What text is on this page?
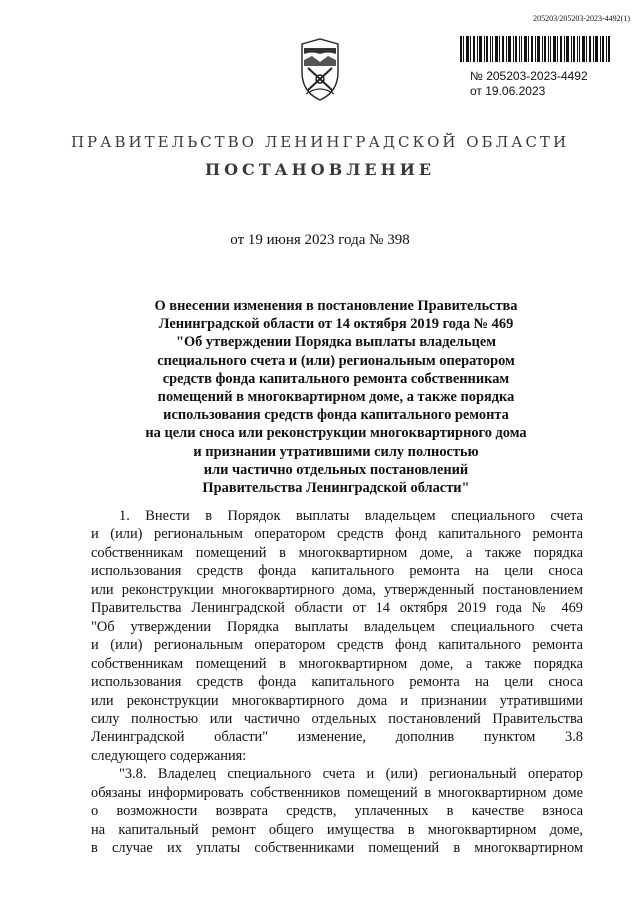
205203/205203-2023-4492(1)
№ 205203-2023-4492
от 19.06.2023
ПРАВИТЕЛЬСТВО ЛЕНИНГРАДСКОЙ ОБЛАСТИ
ПОСТАНОВЛЕНИЕ
от 19 июня 2023 года № 398
О внесении изменения в постановление Правительства
Ленинградской области от 14 октября 2019 года № 469
"Об утверждении Порядка выплаты владельцем
специального счета и (или) региональным оператором
средств фонда капитального ремонта собственникам
помещений в многоквартирном доме, а также порядка
использования средств фонда капитального ремонта
на цели сноса или реконструкции многоквартирного дома
и признании утратившими силу полностью
или частично отдельных постановлений
Правительства Ленинградской области"
1. Внести в Порядок выплаты владельцем специального счета
и (или) региональным оператором средств фонд капитального ремонта
собственникам помещений в многоквартирном доме, а также порядка
использования средств фонда капитального ремонта на цели сноса
или реконструкции многоквартирного дома, утвержденный постановлением
Правительства Ленинградской области от 14 октября 2019 года № 469
"Об утверждении Порядка выплаты владельцем специального счета
и (или) региональным оператором средств фонд капитального ремонта
собственникам помещений в многоквартирном доме, а также порядка
использования средств фонда капитального ремонта на цели сноса
или реконструкции многоквартирного дома и признании утратившими
силу полностью или частично отдельных постановлений Правительства
Ленинградской области" изменение, дополнив пунктом 3.8
следующего содержания:
"3.8. Владелец специального счета и (или) региональный оператор
обязаны информировать собственников помещений в многоквартирном доме
о возможности возврата средств, уплаченных в качестве взноса
на капитальный ремонт общего имущества в многоквартирном доме,
в случае их уплаты собственниками помещений в многоквартирном
